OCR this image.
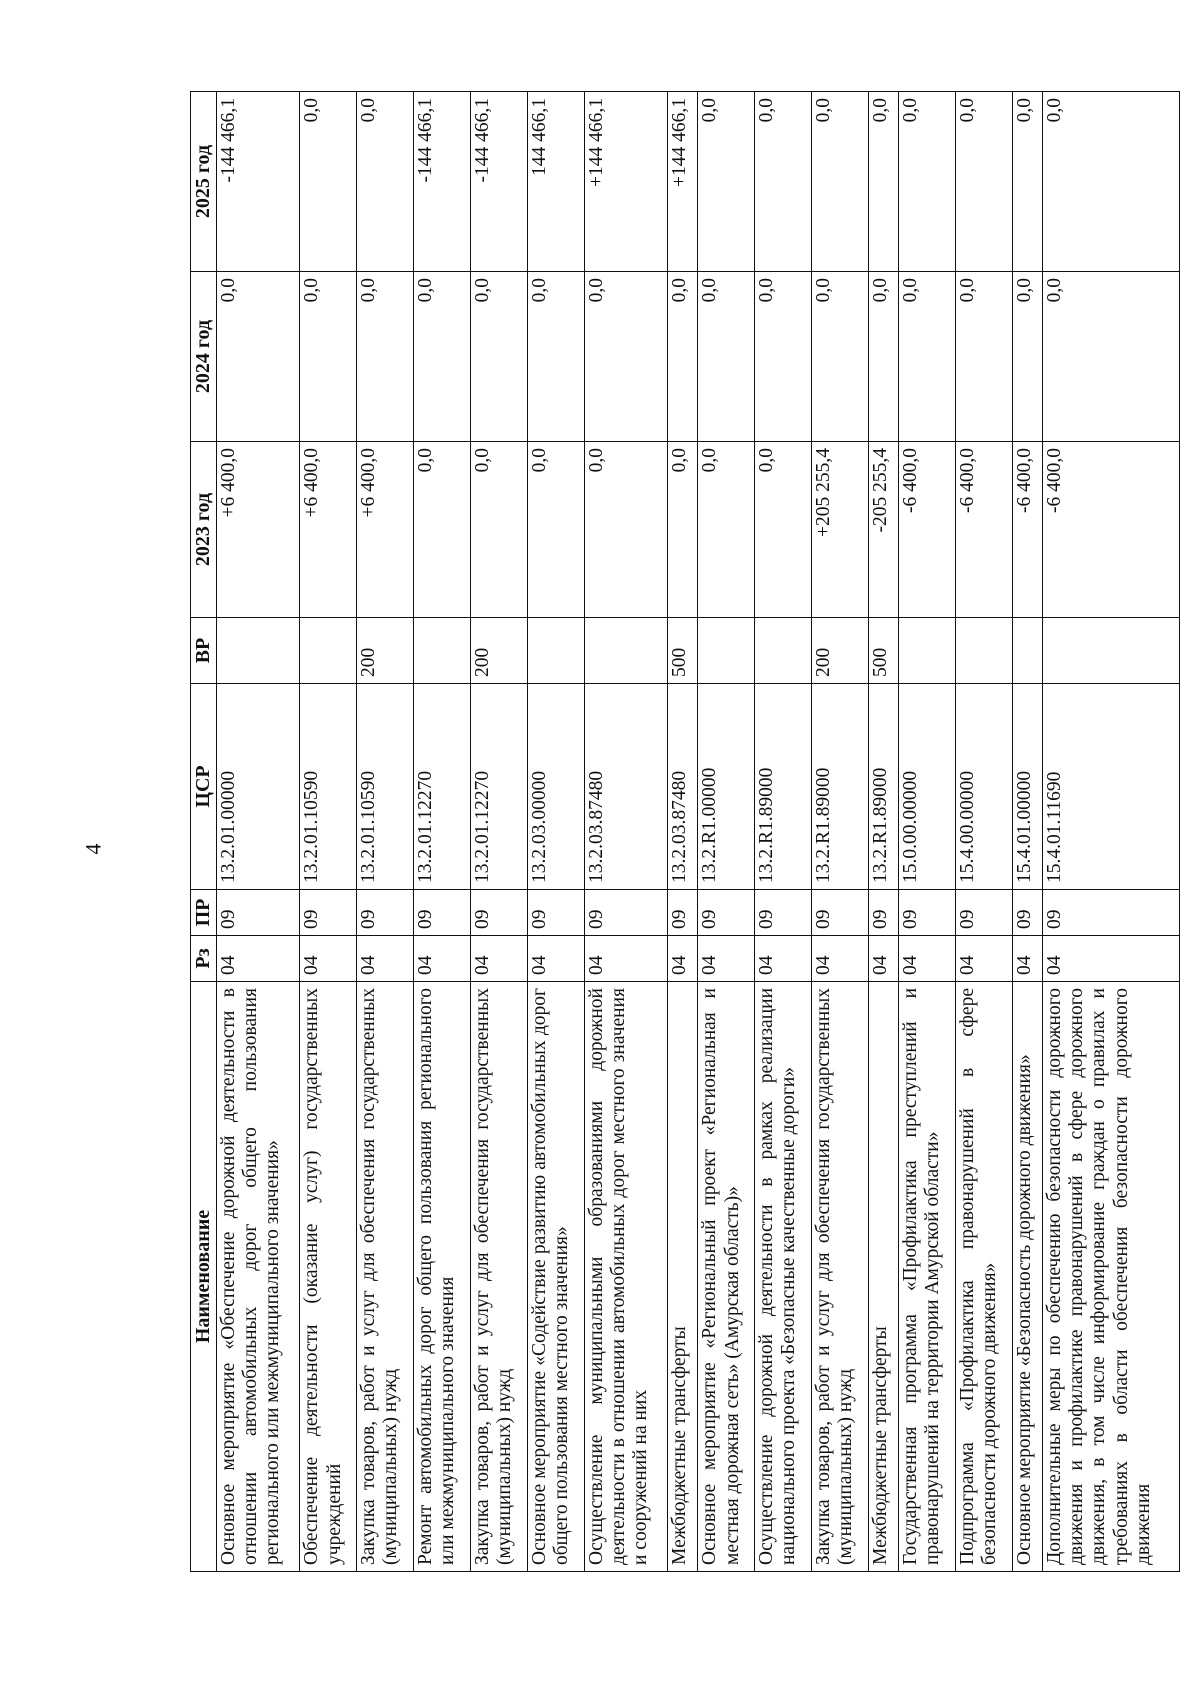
4
Наименование	Рз	ПР	ЦСР	ВР	2023 год	2024 год	2025 год
Основное мероприятие «Обеспечение дорожной деятельности в отношении автомобильных дорог общего пользования регионального или межмуниципального значения»	04	09	13.2.01.00000		+6 400,0	0,0	-144 466,1
Обеспечение деятельности (оказание услуг) государственных учреждений	04	09	13.2.01.10590		+6 400,0	0,0	0,0
Закупка товаров, работ и услуг для обеспечения государственных (муниципальных) нужд	04	09	13.2.01.10590	200	+6 400,0	0,0	0,0
Ремонт автомобильных дорог общего пользования регионального или межмуниципального значения	04	09	13.2.01.12270		0,0	0,0	-144 466,1
Закупка товаров, работ и услуг для обеспечения государственных (муниципальных) нужд	04	09	13.2.01.12270	200	0,0	0,0	-144 466,1
Основное мероприятие «Содействие развитию автомобильных дорог общего пользования местного значения»	04	09	13.2.03.00000		0,0	0,0	144 466,1
Осуществление муниципальными образованиями дорожной деятельности в отношении автомобильных дорог местного значения и сооружений на них	04	09	13.2.03.87480		0,0	0,0	+144 466,1
Межбюджетные трансферты	04	09	13.2.03.87480	500	0,0	0,0	+144 466,1
Основное мероприятие «Региональный проект «Региональная и местная дорожная сеть» (Амурская область)»	04	09	13.2.R1.00000		0,0	0,0	0,0
Осуществление дорожной деятельности в рамках реализации национального проекта «Безопасные качественные дороги»	04	09	13.2.R1.89000		0,0	0,0	0,0
Закупка товаров, работ и услуг для обеспечения государственных (муниципальных) нужд	04	09	13.2.R1.89000	200	+205 255,4	0,0	0,0
Межбюджетные трансферты	04	09	13.2.R1.89000	500	-205 255,4	0,0	0,0
Государственная программа «Профилактика преступлений и правонарушений на территории Амурской области»	04	09	15.0.00.00000		-6 400,0	0,0	0,0
Подпрограмма «Профилактика правонарушений в сфере безопасности дорожного движения»	04	09	15.4.00.00000		-6 400,0	0,0	0,0
Основное мероприятие «Безопасность дорожного движения»	04	09	15.4.01.00000		-6 400,0	0,0	0,0
Дополнительные меры по обеспечению безопасности дорожного движения и профилактике правонарушений в сфере дорожного движения, в том числе информирование граждан о правилах и требованиях в области обеспечения безопасности дорожного движения	04	09	15.4.01.11690		-6 400,0	0,0	0,0
